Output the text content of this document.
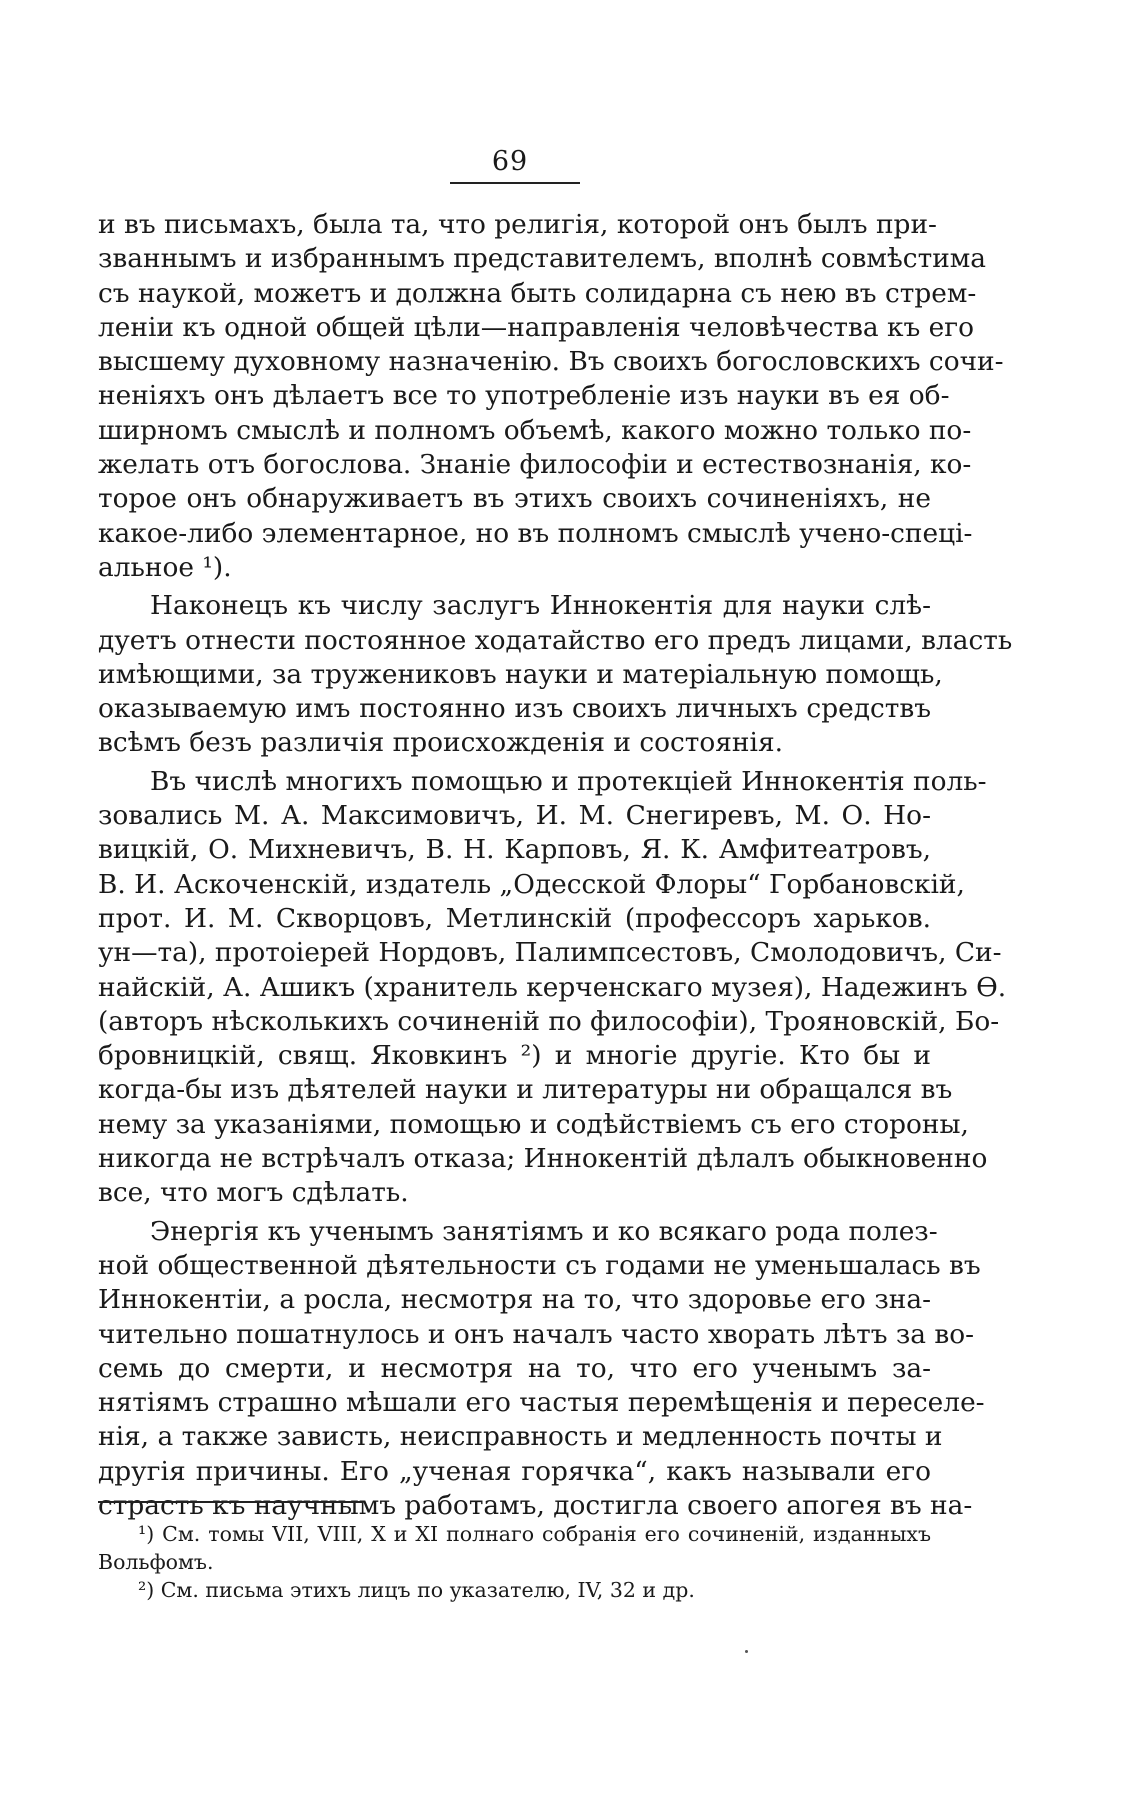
69
и въ письмахъ, была та, что религія, которой онъ былъ при-
званнымъ и избраннымъ представителемъ, вполнѣ совмѣстима
съ наукой, можетъ и должна быть солидарна съ нею въ стрем-
леніи къ одной общей цѣли—направленія человѣчества къ его
высшему духовному назначенію. Въ своихъ богословскихъ сочи-
неніяхъ онъ дѣлаетъ все то употребленіе изъ науки въ ея об-
ширномъ смыслѣ и полномъ объемѣ, какого можно только по-
желать отъ богослова. Знаніе философіи и естествознанія, ко-
торое онъ обнаруживаетъ въ этихъ своихъ сочиненіяхъ, не
какое-либо элементарное, но въ полномъ смыслѣ учено-спеці-
альное ¹).
Наконецъ къ числу заслугъ Иннокентія для науки слѣ-
дуетъ отнести постоянное ходатайство его предъ лицами, власть
имѣющими, за тружениковъ науки и матеріальную помощь,
оказываемую имъ постоянно изъ своихъ личныхъ средствъ
всѣмъ безъ различія происхожденія и состоянія.
Въ числѣ многихъ помощью и протекціей Иннокентія поль-
зовались М. А. Максимовичъ, И. М. Снегиревъ, М. О. Но-
вицкій, О. Михневичъ, В. Н. Карповъ, Я. К. Амфитеатровъ,
В. И. Аскоченскій, издатель „Одесской Флоры“ Горбановскій,
прот. И. М. Скворцовъ, Метлинскій (профессоръ харьков.
ун—та), протоіерей Нордовъ, Палимпсестовъ, Смолодовичъ, Си-
найскій, А. Ашикъ (хранитель керченскаго музея), Надежинъ Ѳ.
(авторъ нѣсколькихъ сочиненій по философіи), Трояновскій, Бо-
бровницкій, свящ. Яковкинъ ²) и многіе другіе. Кто бы и
когда-бы изъ дѣятелей науки и литературы ни обращался въ
нему за указаніями, помощью и содѣйствіемъ съ его стороны,
никогда не встрѣчалъ отказа; Иннокентій дѣлалъ обыкновенно
все, что могъ сдѣлать.
Энергія къ ученымъ занятіямъ и ко всякаго рода полез-
ной общественной дѣятельности съ годами не уменьшалась въ
Иннокентіи, а росла, несмотря на то, что здоровье его зна-
чительно пошатнулось и онъ началъ часто хворать лѣтъ за во-
семь до смерти, и несмотря на то, что его ученымъ за-
нятіямъ страшно мѣшали его частыя перемѣщенія и переселе-
нія, а также зависть, неисправность и медленность почты и
другія причины. Его „ученая горячка“, какъ называли его
страсть къ научнымъ работамъ, достигла своего апогея въ на-
¹) См. томы VII, VIII, X и XI полнаго собранія его сочиненій, изданныхъ
Вольфомъ.
²) См. письма этихъ лицъ по указателю, IV, 32 и др.
